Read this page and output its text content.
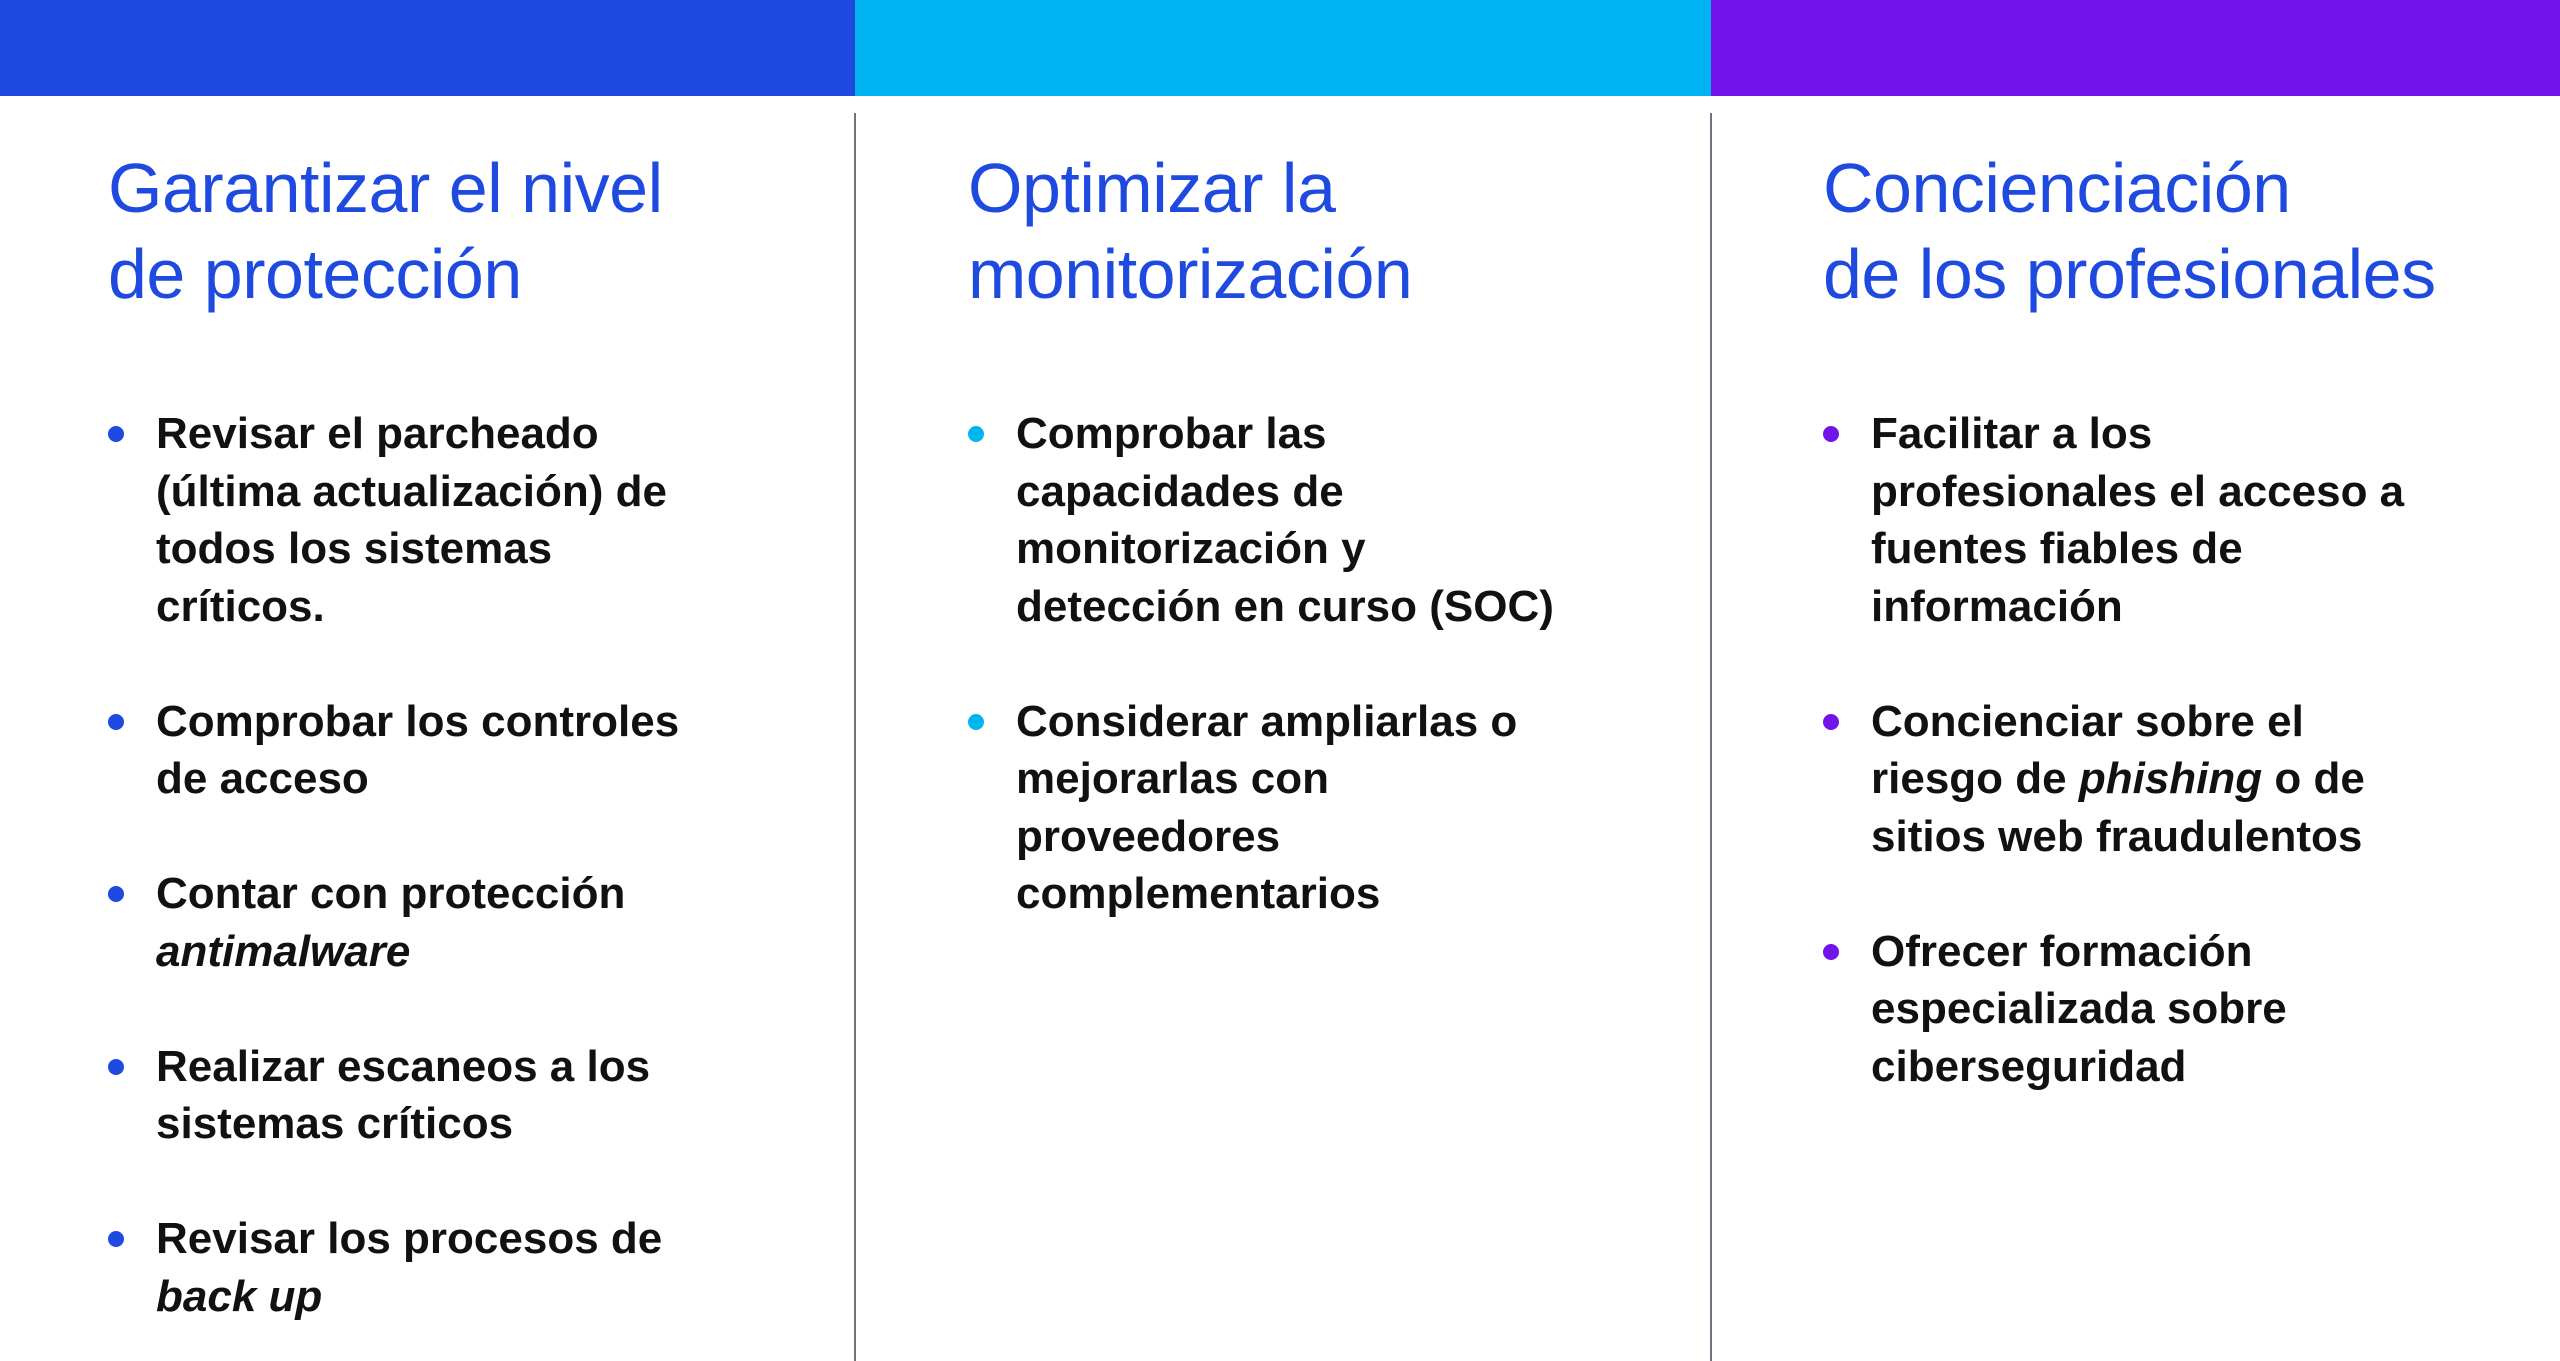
Garantizar el nivel
de protección
Revisar el parcheado
(última actualización) de
todos los sistemas
críticos.
Comprobar los controles
de acceso
Contar con protección
antimalware
Realizar escaneos a los
sistemas críticos
Revisar los procesos de
back up
Optimizar la
monitorización
Comprobar las
capacidades de
monitorización y
detección en curso (SOC)
Considerar ampliarlas o
mejorarlas con
proveedores
complementarios
Concienciación
de los profesionales
Facilitar a los
profesionales el acceso a
fuentes fiables de
información
Concienciar sobre el
riesgo de phishing o de
sitios web fraudulentos
Ofrecer formación
especializada sobre
ciberseguridad
